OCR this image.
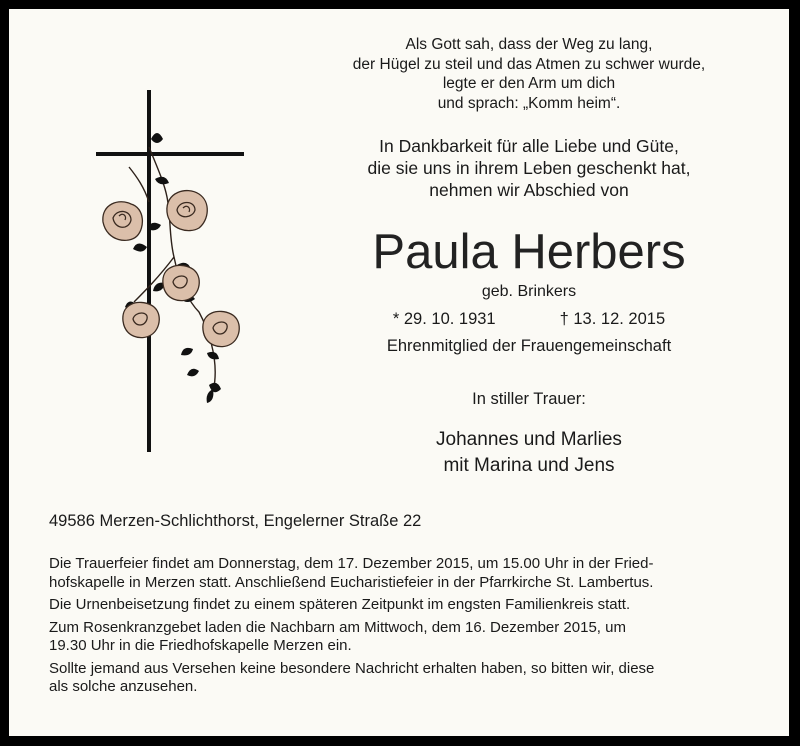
Als Gott sah, dass der Weg zu lang,
der Hügel zu steil und das Atmen zu schwer wurde,
legte er den Arm um dich
und sprach: „Komm heim“.
In Dankbarkeit für alle Liebe und Güte,
die sie uns in ihrem Leben geschenkt hat,
nehmen wir Abschied von
Paula Herbers
geb. Brinkers
* 29. 10. 1931	† 13. 12. 2015
Ehrenmitglied der Frauengemeinschaft
In stiller Trauer:
Johannes und Marlies
mit Marina und Jens
49586 Merzen-Schlichthorst, Engelerner Straße 22

Die Trauerfeier findet am Donnerstag, dem 17. Dezember 2015, um 15.00 Uhr in der Fried-
hofskapelle in Merzen statt. Anschließend Eucharistiefeier in der Pfarrkirche St. Lambertus.

Die Urnenbeisetzung findet zu einem späteren Zeitpunkt im engsten Familienkreis statt.

Zum Rosenkranzgebet laden die Nachbarn am Mittwoch, dem 16. Dezember 2015, um
19.30 Uhr in die Friedhofskapelle Merzen ein.

Sollte jemand aus Versehen keine besondere Nachricht erhalten haben, so bitten wir, diese
als solche anzusehen.
